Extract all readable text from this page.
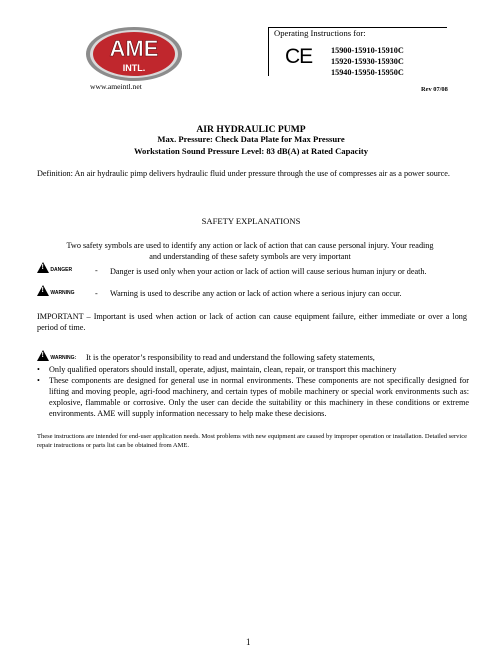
AME
INTL.
www.ameintl.net
Operating Instructions for:
CE 15900-15910-15910C
15920-15930-15930C
15940-15950-15950C
Rev 07/08
AIR HYDRAULIC PUMP
Max. Pressure: Check Data Plate for Max Pressure
Workstation Sound Pressure Level: 83 dB(A) at Rated Capacity
Definition: An air hydraulic pimp delivers hydraulic fluid under pressure through the use of compresses air as a power source.
SAFETY EXPLANATIONS
Two safety symbols are used to identify any action or lack of action that can cause personal injury. Your reading and understanding of these safety symbols are very important
! DANGER	- Danger is used only when your action or lack of action will cause serious human injury or death.
! WARNING - Warning is used to describe any action or lack of action where a serious injury can occur.
IMPORTANT – Important is used when action or lack of action can cause equipment failure, either immediate or over a long period of time.
! WARNING: It is the operator’s responsibility to read and understand the following safety statements,
• Only qualified operators should install, operate, adjust, maintain, clean, repair, or transport this machinery
• These components are designed for general use in normal environments. These components are not specifically designed for lifting and moving people, agri-food machinery, and certain types of mobile machinery or special work environments such as: explosive, flammable or corrosive. Only the user can decide the suitability or this machinery in these conditions or extreme environments. AME will supply information necessary to help make these decisions.
These instructions are intended for end-user application needs. Most problems with new equipment are caused by improper operation or installation. Detailed service repair instructions or parts list can be obtained from AME.
1
